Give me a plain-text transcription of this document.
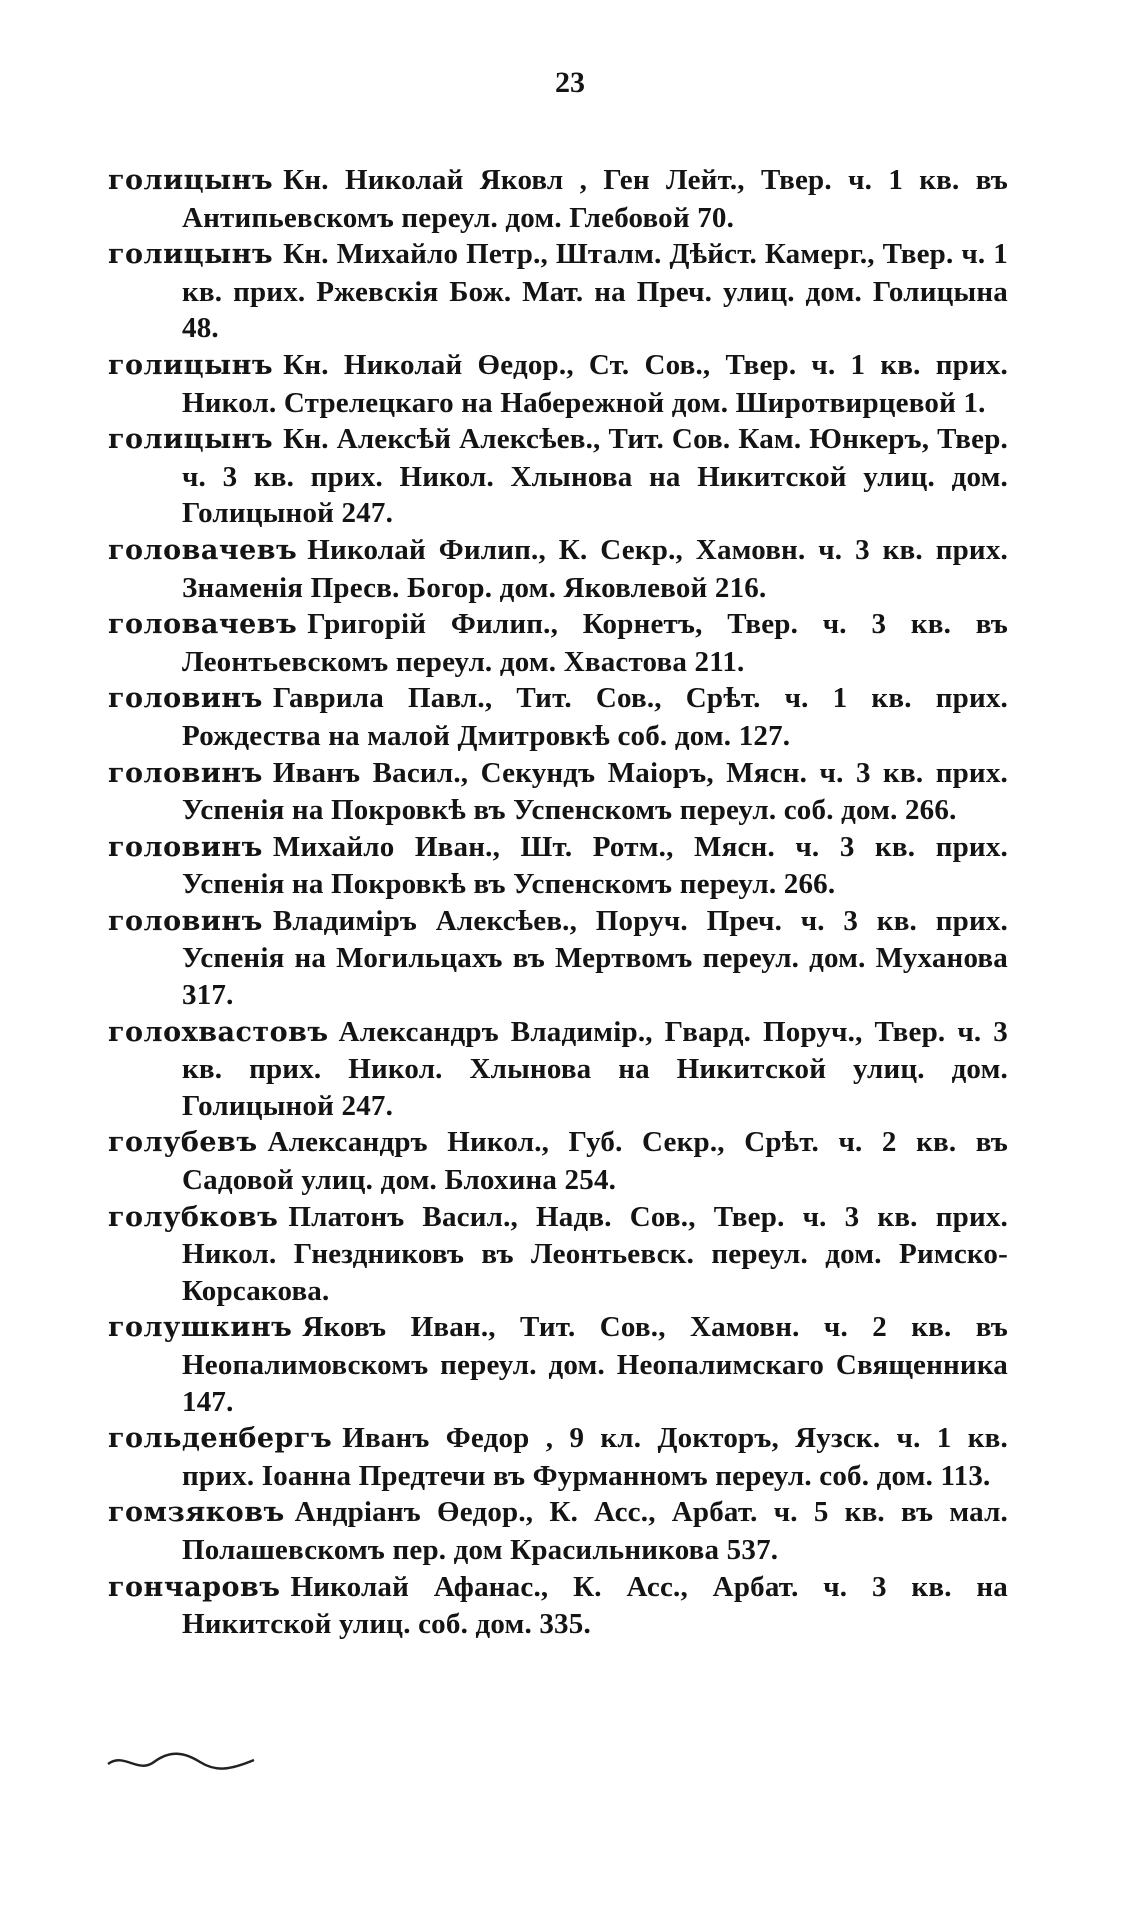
23
голицынъ Кн. Николай Яковл , Ген Лейт., Твер. ч. 1 кв. въ Антипьевскомъ переул. дом. Глебовой 70.
голицынъ Кн. Михайло Петр., Шталм. Дѣйст. Камерг., Твер. ч. 1 кв. прих. Ржевскія Бож. Мат. на Преч. улиц. дом. Голицына 48.
голицынъ Кн. Николай Өедор., Ст. Сов., Твер. ч. 1 кв. прих. Никол. Стрелецкаго на Набережной дом. Широтвирцевой 1.
голицынъ Кн. Алексѣй Алексѣев., Тит. Сов. Кам. Юнкеръ, Твер. ч. 3 кв. прих. Никол. Хлынова на Никитской улиц. дом. Голицыной 247.
головачевъ Николай Филип., К. Секр., Хамовн. ч. 3 кв. прих. Знаменія Пресв. Богор. дом. Яковлевой 216.
головачевъ Григорій Филип., Корнетъ, Твер. ч. 3 кв. въ Леонтьевскомъ переул. дом. Хвастова 211.
головинъ Гаврила Павл., Тит. Сов., Срѣт. ч. 1 кв. прих. Рождества на малой Дмитровкѣ соб. дом. 127.
головинъ Иванъ Васил., Секундъ Маіоръ, Мясн. ч. 3 кв. прих. Успенія на Покровкѣ въ Успенскомъ переул. соб. дом. 266.
головинъ Михайло Иван., Шт. Ротм., Мясн. ч. 3 кв. прих. Успенія на Покровкѣ въ Успенскомъ переул. 266.
головинъ Владиміръ Алексѣев., Поруч. Преч. ч. 3 кв. прих. Успенія на Могильцахъ въ Мертвомъ переул. дом. Муханова 317.
голохвастовъ Александръ Владиміp., Гвард. Поруч., Твер. ч. 3 кв. прих. Никол. Хлынова на Никитской улиц. дом. Голицыной 247.
голубевъ Александръ Никол., Губ. Секр., Срѣт. ч. 2 кв. въ Садовой улиц. дом. Блохина 254.
голубковъ Платонъ Васил., Надв. Сов., Твер. ч. 3 кв. прих. Никол. Гнездниковъ въ Леонтьевск. переул. дом. Римско-Корсакова.
голушкинъ Яковъ Иван., Тит. Сов., Хамовн. ч. 2 кв. въ Неопалимовскомъ переул. дом. Неопалимскаго Священника 147.
гольденбергъ Иванъ Федор , 9 кл. Докторъ, Яузск. ч. 1 кв. прих. Іоанна Предтечи въ Фурманномъ переул. соб. дом. 113.
гомзяковъ Андріанъ Өедор., К. Асс., Арбат. ч. 5 кв. въ мал. Полашевскомъ пер. дом Красильникова 537.
гончаровъ Николай Афанас., К. Асс., Арбат. ч. 3 кв. на Никитской улиц. соб. дом. 335.
